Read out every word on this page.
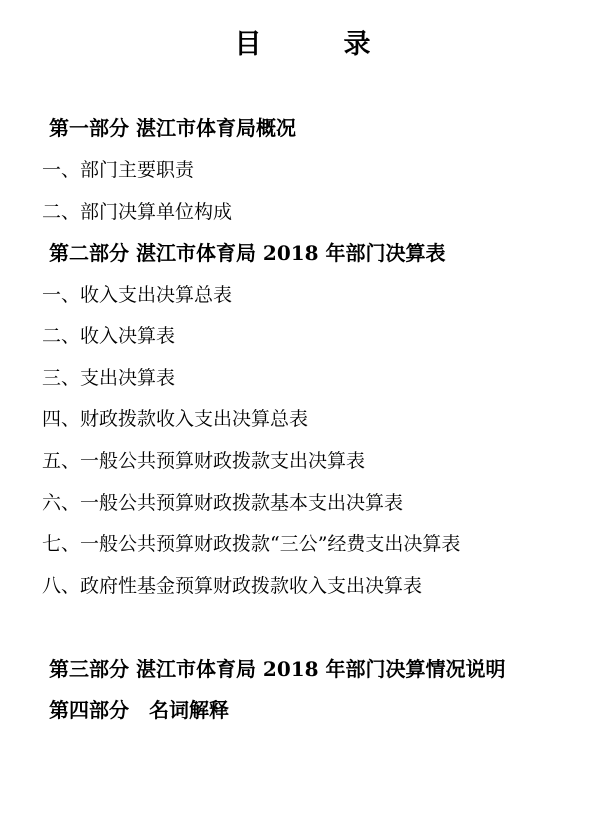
目	录
第一部分 湛江市体育局概况
一、部门主要职责
二、部门决算单位构成
第二部分 湛江市体育局 2018 年部门决算表
一、收入支出决算总表
二、收入决算表
三、支出决算表
四、财政拨款收入支出决算总表
五、一般公共预算财政拨款支出决算表
六、一般公共预算财政拨款基本支出决算表
七、一般公共预算财政拨款“三公”经费支出决算表
八、政府性基金预算财政拨款收入支出决算表
第三部分 湛江市体育局 2018 年部门决算情况说明
第四部分　名词解释
